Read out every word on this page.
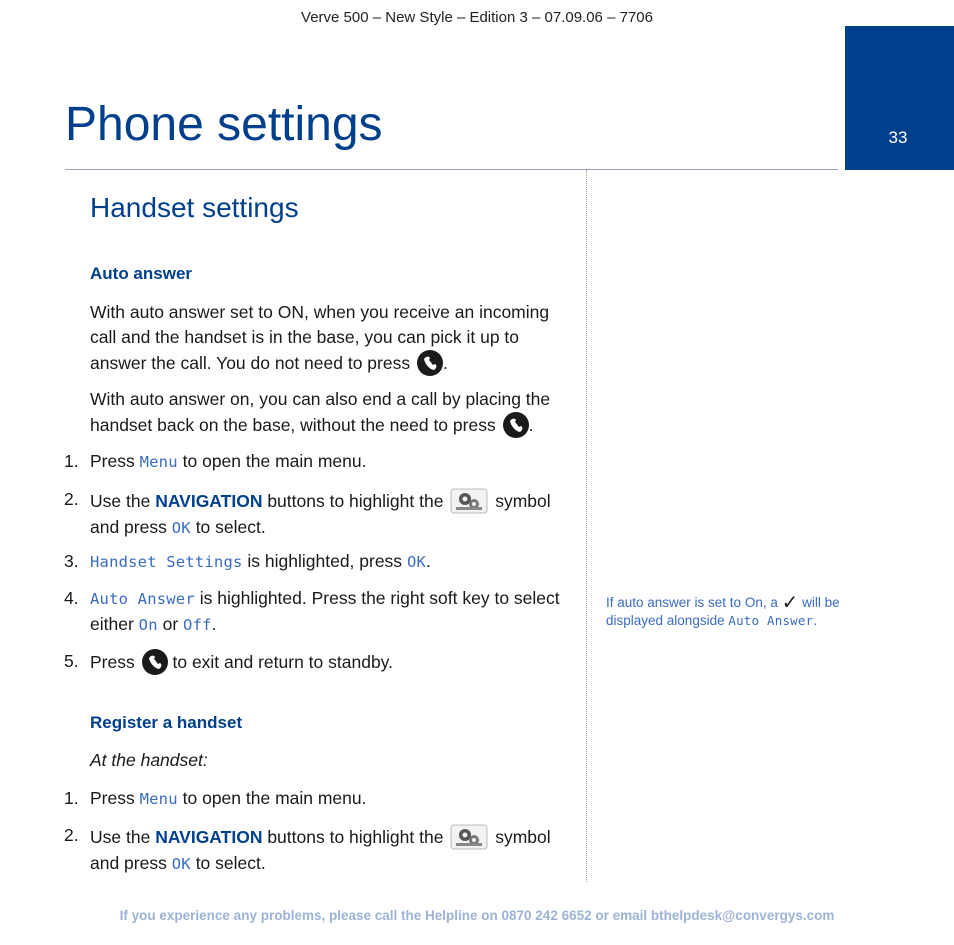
Verve 500 – New Style – Edition 3 – 07.09.06 – 7706
33
Phone settings
Handset settings
Auto answer

With auto answer set to ON, when you receive an incoming call and the handset is in the base, you can pick it up to answer the call. You do not need to press .

With auto answer on, you can also end a call by placing the handset back on the base, without the need to press .

1. Press Menu to open the main menu.
2. Use the NAVIGATION buttons to highlight the	symbol and press OK to select.
3. Handset Settings is highlighted, press OK.
4. Auto Answer is highlighted. Press the right soft key to select either On or Off.
5. Press to exit and return to standby.
Register a handset

At the handset:

1. Press Menu to open the main menu.
2. Use the NAVIGATION buttons to highlight the	symbol and press OK to select.

If auto answer is set to On, a ✓ will be displayed alongside Auto Answer.

If you experience any problems, please call the Helpline on 0870 242 6652 or email bthelpdesk@convergys.com
